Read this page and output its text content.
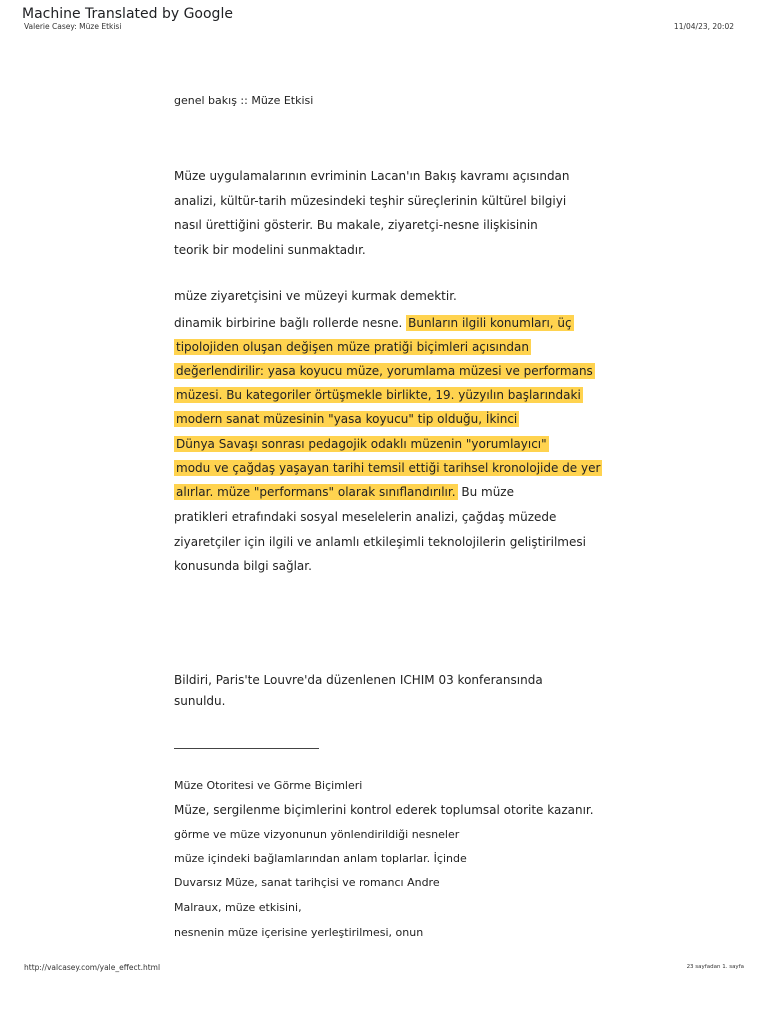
Machine Translated by Google
Valerie Casey: Müze Etkisi	11/04/23, 20:02
genel bakış :: Müze Etkisi
Müze uygulamalarının evriminin Lacan'ın Bakış kavramı açısından
analizi, kültür-tarih müzesindeki teşhir süreçlerinin kültürel bilgiyi
nasıl ürettiğini gösterir. Bu makale, ziyaretçi-nesne ilişkisinin
teorik bir modelini sunmaktadır.
müze ziyaretçisini ve müzeyi kurmak demektir.
dinamik birbirine bağlı rollerde nesne. Bunların ilgili konumları, üç
tipolojiden oluşan değişen müze pratiği biçimleri açısından
değerlendirilir: yasa koyucu müze, yorumlama müzesi ve performans
müzesi. Bu kategoriler örtüşmekle birlikte, 19. yüzyılın başlarındaki
modern sanat müzesinin "yasa koyucu" tip olduğu, İkinci
Dünya Savaşı sonrası pedagojik odaklı müzenin "yorumlayıcı"
modu ve çağdaş yaşayan tarihi temsil ettiği tarihsel kronolojide de yer
alırlar. müze "performans" olarak sınıflandırılır. Bu müze
pratikleri etrafındaki sosyal meselelerin analizi, çağdaş müzede
ziyaretçiler için ilgili ve anlamlı etkileşimli teknolojilerin geliştirilmesi
konusunda bilgi sağlar.
Bildiri, Paris'te Louvre'da düzenlenen ICHIM 03 konferansında
sunuldu.
Müze Otoritesi ve Görme Biçimleri
Müze, sergilenme biçimlerini kontrol ederek toplumsal otorite kazanır.
görme ve müze vizyonunun yönlendirildiği nesneler
müze içindeki bağlamlarından anlam toplarlar. İçinde
Duvarsız Müze, sanat tarihçisi ve romancı Andre
Malraux, müze etkisini,
nesnenin müze içerisine yerleştirilmesi, onun
http://valcasey.com/yale_effect.html	23 sayfadan 1. sayfa
